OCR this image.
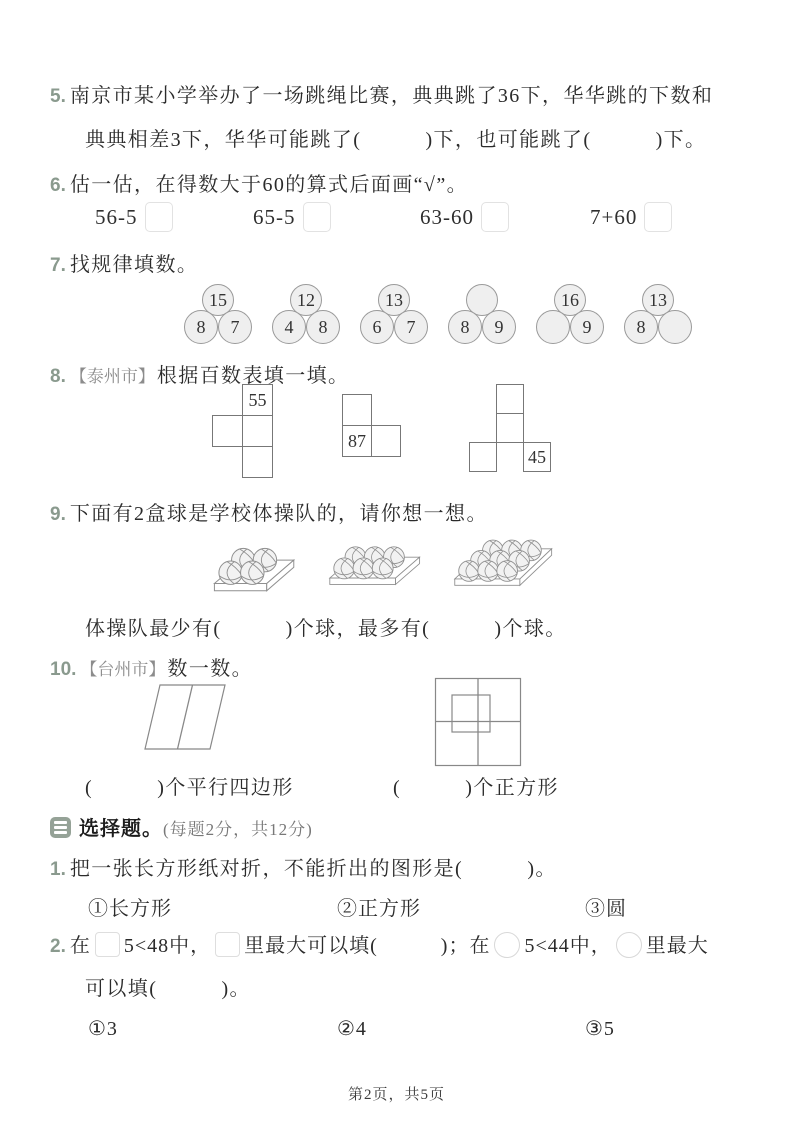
5. 南京市某小学举办了一场跳绳比赛，典典跳了36下，华华跳的下数和
典典相差3下，华华可能跳了(　　　)下，也可能跳了(　　　)下。
6. 估一估，在得数大于60的算式后面画“√”。
56-5	65-5	63-60	7+60
7. 找规律填数。
15
8 7
12
4 8
13
6 7	8 9
16
9
13
8
8. 【泰州市】 根据百数表填一填。
55
87
45
9. 下面有2盒球是学校体操队的，请你想一想。
体操队最少有(　　　)个球，最多有(　　　)个球。
10. 【台州市】 数一数。
(　　　)个平行四边形	(　　　)个正方形
选择题。(每题2分，共12分)
1. 把一张长方形纸对折，不能折出的图形是(　　　)。
①长方形	②正方形	③圆
2. 在 5<48中， 里最大可以填(　　　)；在 5<44中， 里最大
可以填(　　　)。
①3	②4	③5
第2页，共5页
